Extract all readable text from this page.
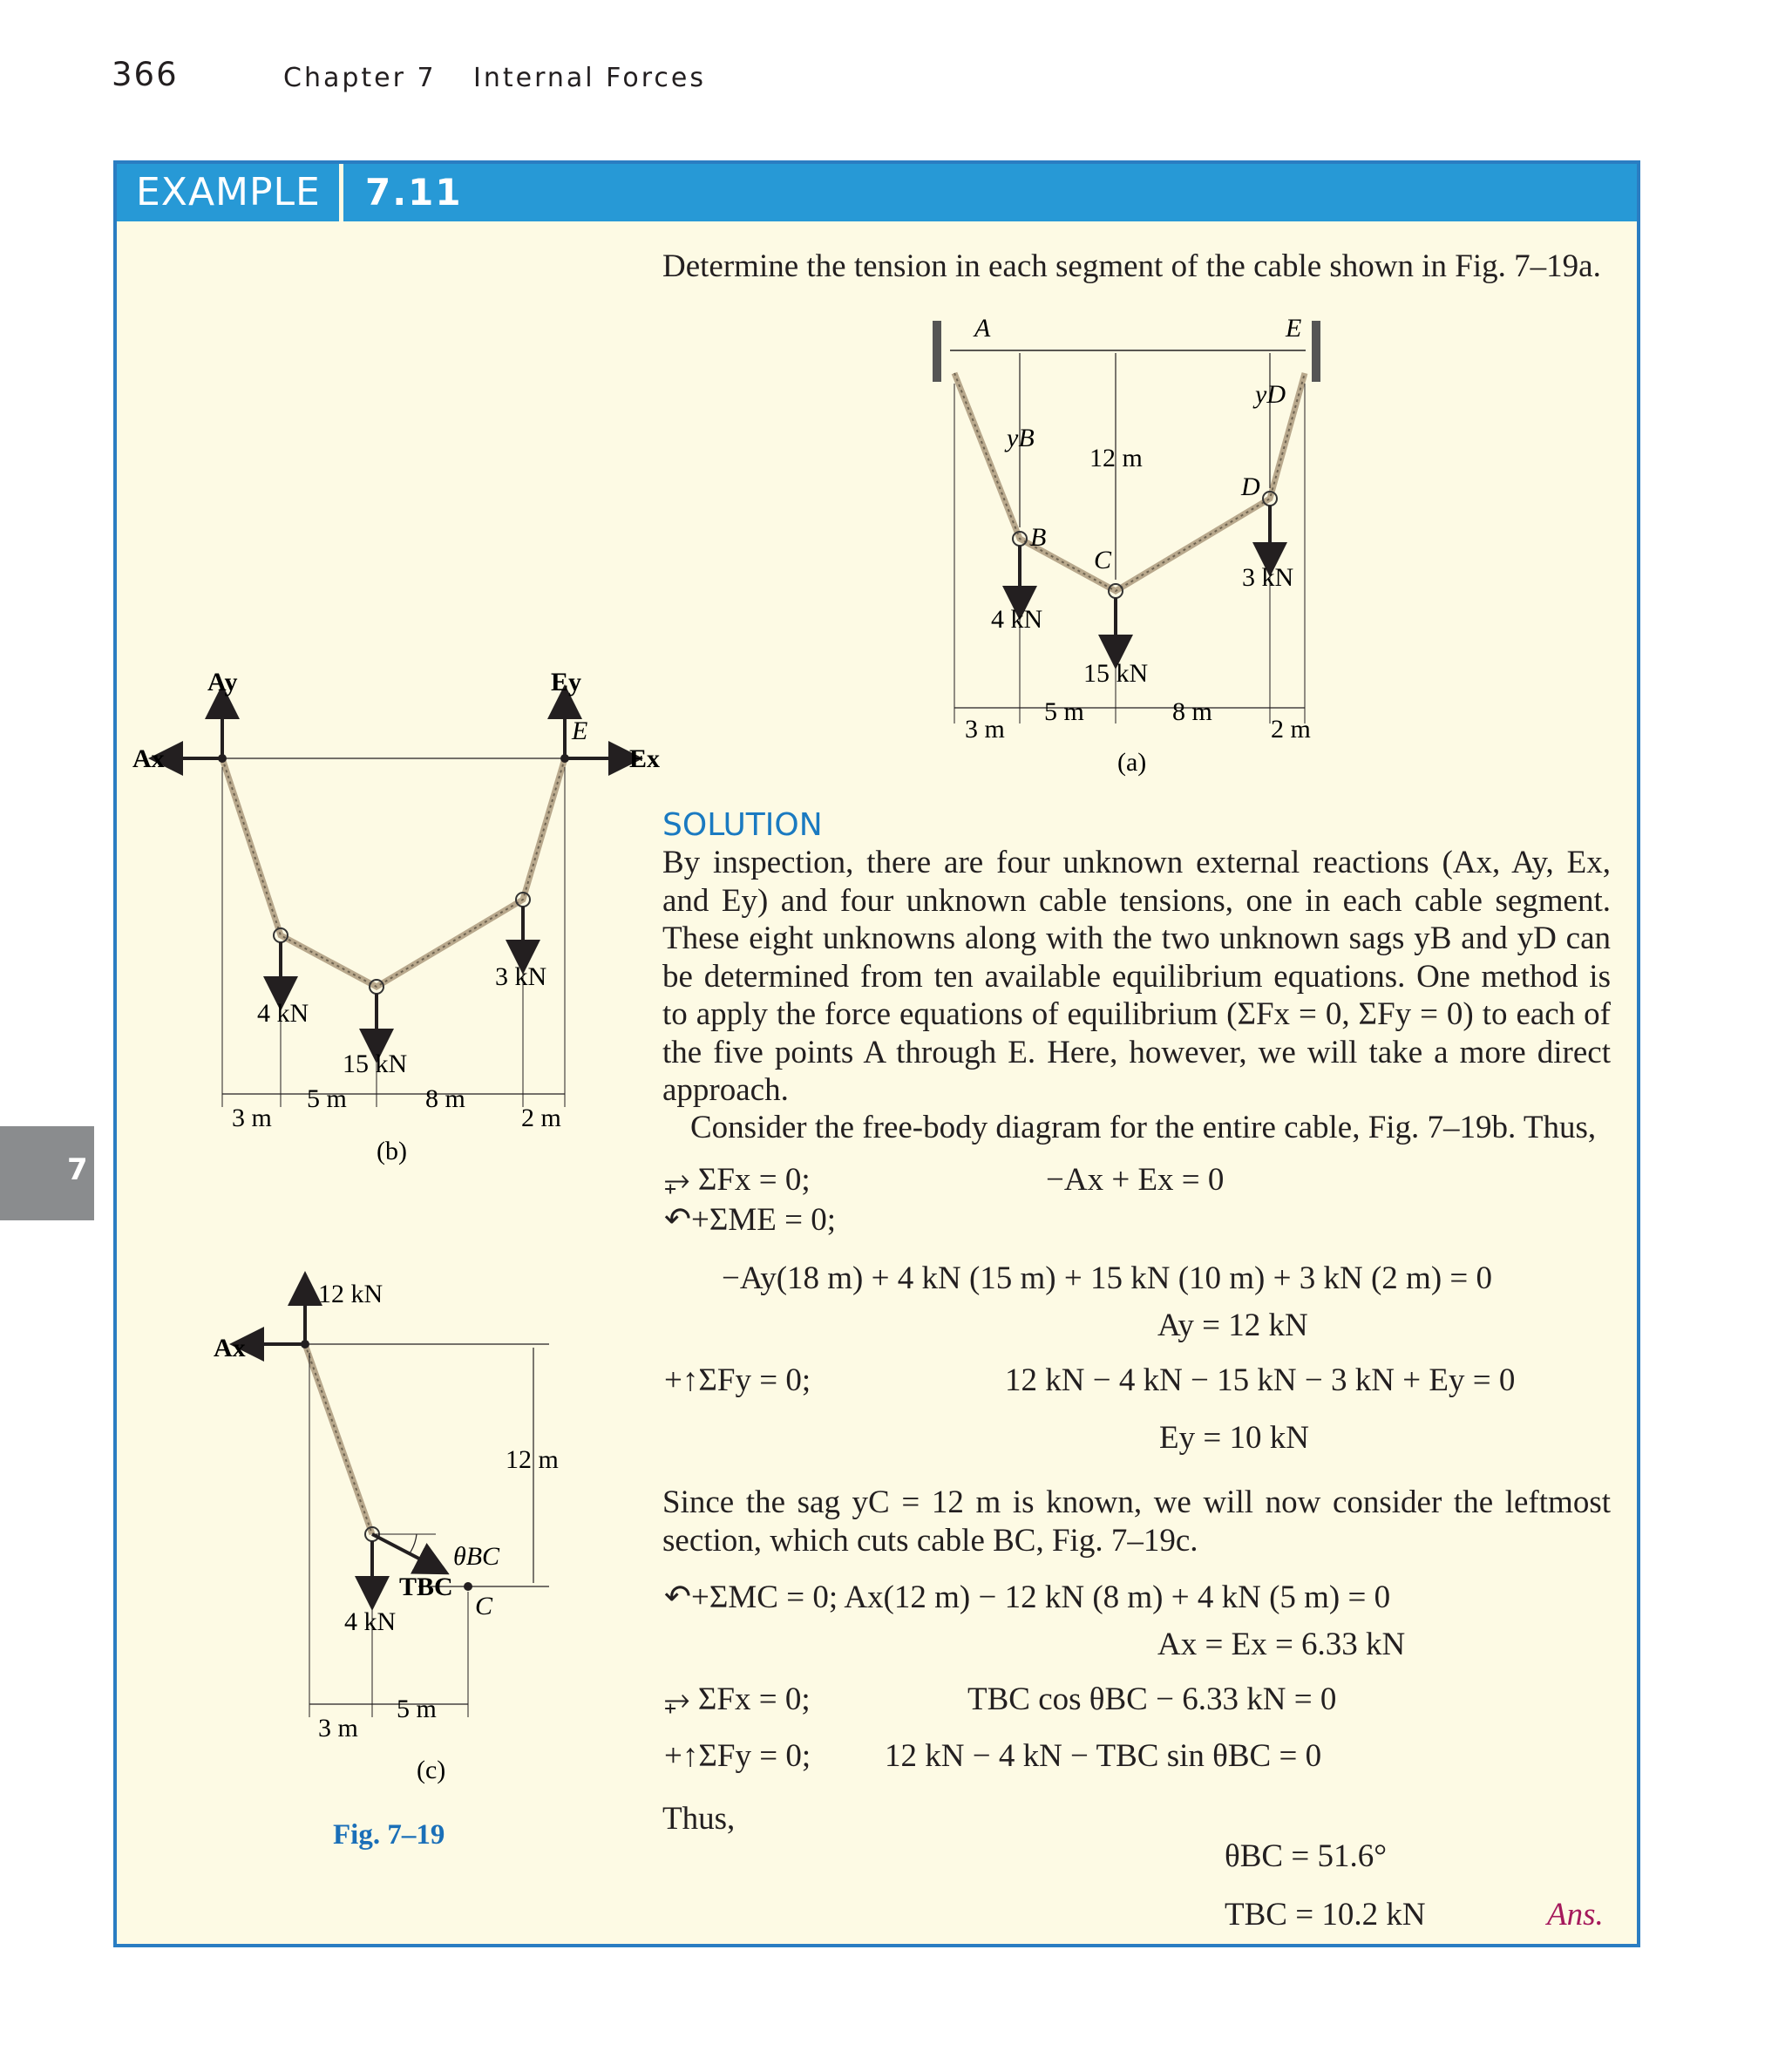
366	Chapter 7 Internal Forces
7
EXAMPLE 7.11
Determine the tension in each segment of the cable shown in Fig. 7–19a.
A	E
B
C
D
yB
yD
12 m
4 kN
15 kN
3 kN
3 m
5 m	8 m
2 m
(a)
Ax
Ay
Ex
Ey
E
4 kN
15 kN
3 kN
3 m
5 m	8 m
2 m
(b)
Ax
12 kN
12 m
θBC
TBC
C
4 kN
3 m
5 m
(c)
Fig. 7–19
SOLUTION
By inspection, there are four unknown external reactions (Ax, Ay, Ex, and Ey) and four unknown cable tensions, one in each cable segment. These eight unknowns along with the two unknown sags yB and yD can be determined from ten available equilibrium equations. One method is to apply the force equations of equilibrium (ΣFx = 0, ΣFy = 0) to each of the five points A through E. Here, however, we will take a more direct approach.
Consider the free-body diagram for the entire cable, Fig. 7–19b. Thus,
⥅ ΣFx = 0;	−Ax + Ex = 0
↶+ΣME = 0;
−Ay(18 m) + 4 kN (15 m) + 15 kN (10 m) + 3 kN (2 m) = 0
Ay = 12 kN
+↑ΣFy = 0;	12 kN − 4 kN − 15 kN − 3 kN + Ey = 0
Ey = 10 kN
Since the sag yC = 12 m is known, we will now consider the leftmost section, which cuts cable BC, Fig. 7–19c.
↶+ΣMC = 0; Ax(12 m) − 12 kN (8 m) + 4 kN (5 m) = 0
Ax = Ex = 6.33 kN
⥅ ΣFx = 0;	TBC cos θBC − 6.33 kN = 0
+↑ΣFy = 0; 12 kN − 4 kN − TBC sin θBC = 0
Thus,
θBC = 51.6°
TBC = 10.2 kN	Ans.
